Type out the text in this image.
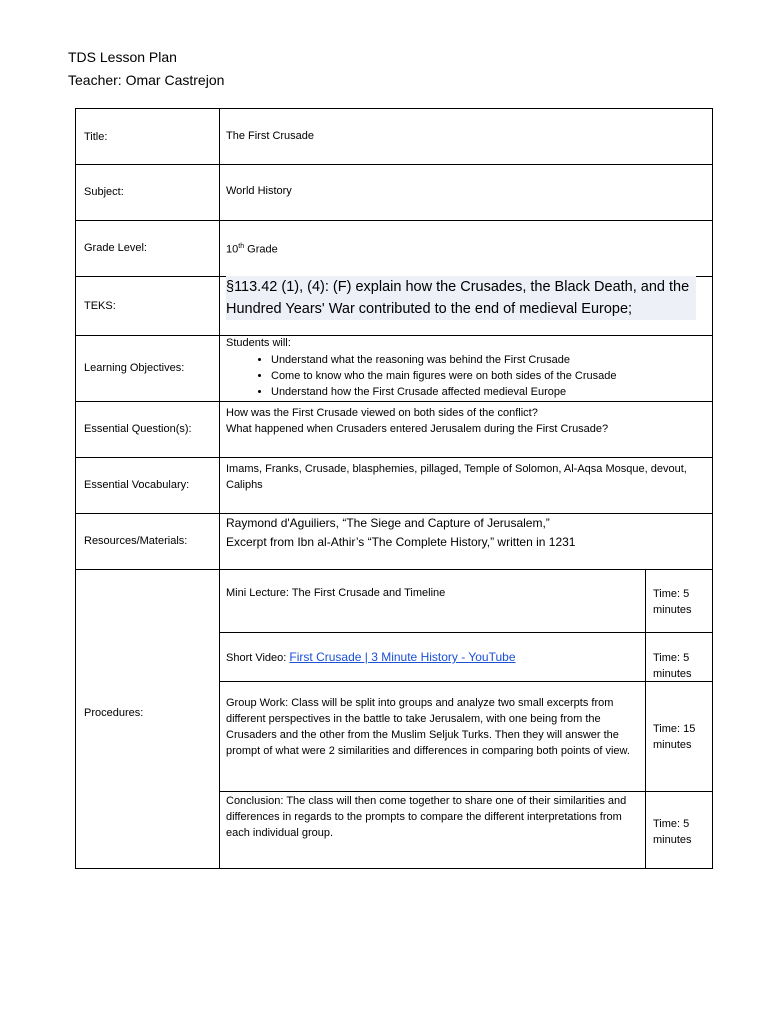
TDS Lesson Plan
Teacher: Omar Castrejon
Title:	The First Crusade
Subject:	World History
Grade Level:	10th Grade
TEKS:
§113.42 (1), (4): (F) explain how the Crusades, the Black Death, and the Hundred Years' War contributed to the end of medieval Europe;
Learning Objectives:
Students will:
• Understand what the reasoning was behind the First Crusade
• Come to know who the main figures were on both sides of the Crusade
• Understand how the First Crusade affected medieval Europe
Essential Question(s):
How was the First Crusade viewed on both sides of the conflict?
What happened when Crusaders entered Jerusalem during the First Crusade?
Essential Vocabulary:
Imams, Franks, Crusade, blasphemies, pillaged, Temple of Solomon, Al-Aqsa Mosque, devout, Caliphs
Resources/Materials:
Raymond d'Aguiliers, “The Siege and Capture of Jerusalem,”
Excerpt from Ibn al-Athir’s “The Complete History,” written in 1231
Procedures:
Mini Lecture: The First Crusade and Timeline	Time: 5 minutes
Short Video: First Crusade | 3 Minute History - YouTube	Time: 5 minutes
Group Work: Class will be split into groups and analyze two small excerpts from different perspectives in the battle to take Jerusalem, with one being from the Crusaders and the other from the Muslim Seljuk Turks. Then they will answer the prompt of what were 2 similarities and differences in comparing both points of view.
Time: 15 minutes
Conclusion: The class will then come together to share one of their similarities and differences in regards to the prompts to compare the different interpretations from each individual group.
Time: 5 minutes
